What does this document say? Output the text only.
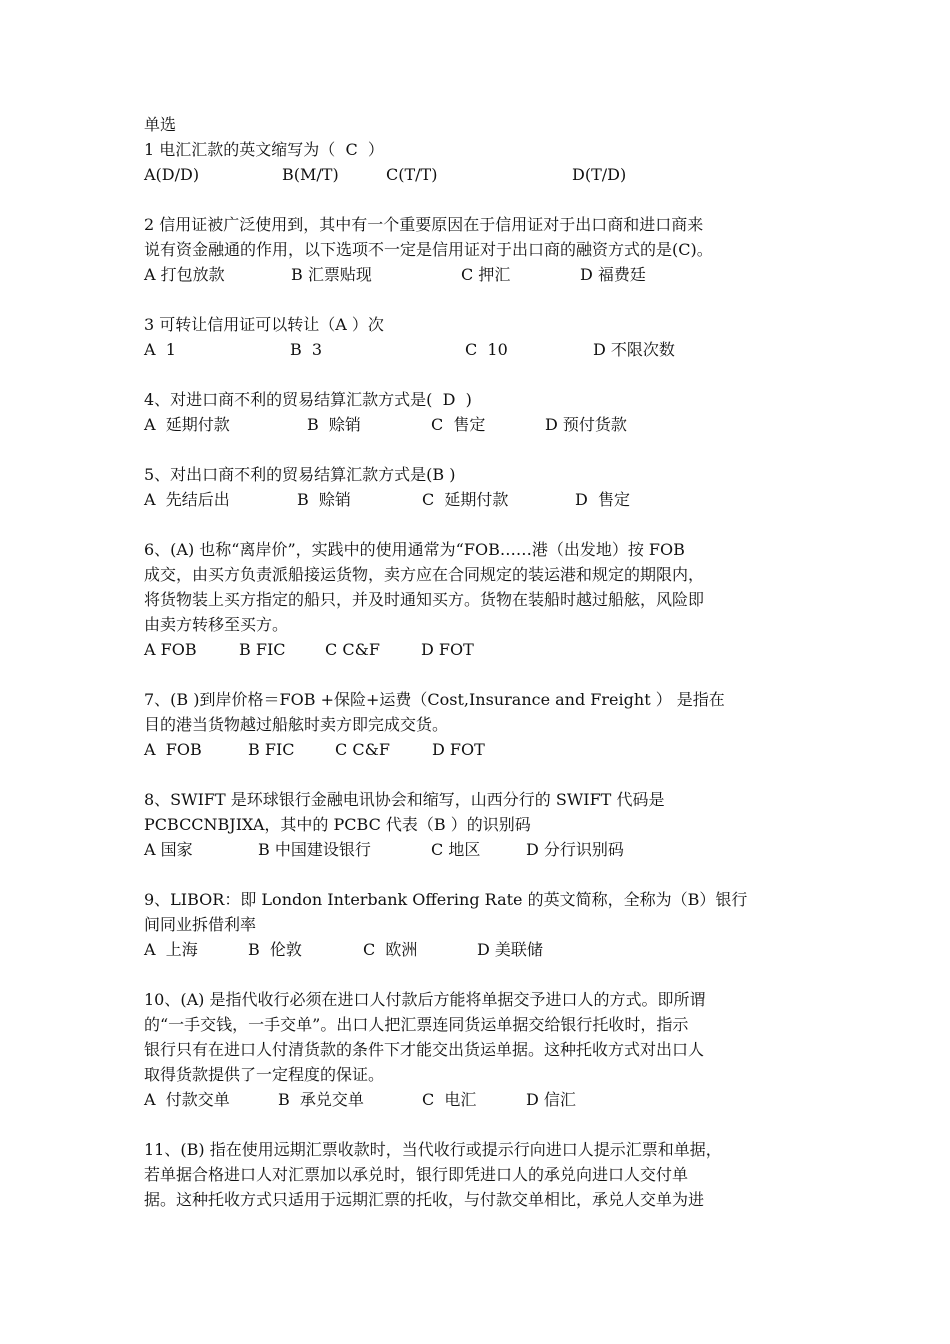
单选
1 电汇汇款的英文缩写为（  C  ）
A(D/D)	B(M/T)	C(T/T)	D(T/D)
2 信用证被广泛使用到，其中有一个重要原因在于信用证对于出口商和进口商来
说有资金融通的作用，以下选项不一定是信用证对于出口商的融资方式的是(C)。
A 打包放款	B 汇票贴现	C 押汇	D 福费廷
3 可转让信用证可以转让（A ）次
A  1	B  3	C  10	D 不限次数
4、对进口商不利的贸易结算汇款方式是(  D  )
A  延期付款	B  赊销	C  售定	D 预付货款
5、对出口商不利的贸易结算汇款方式是(B )
A  先结后出	B  赊销	C  延期付款	D  售定
6、(A) 也称“离岸价”，实践中的使用通常为“FOB……港（出发地）按 FOB
成交，由买方负责派船接运货物，卖方应在合同规定的装运港和规定的期限内，
将货物装上买方指定的船只，并及时通知买方。货物在装船时越过船舷，风险即
由卖方转移至买方。
A FOB	B FIC	C C&F	D FOT
7、(B )到岸价格＝FOB +保险+运费（Cost,Insurance and Freight ） 是指在
目的港当货物越过船舷时卖方即完成交货。
A  FOB	B FIC	C C&F	D FOT
8、SWIFT 是环球银行金融电讯协会和缩写，山西分行的 SWIFT 代码是
PCBCCNBJIXA，其中的 PCBC 代表（B ）的识别码
A 国家	B 中国建设银行	C 地区	D 分行识别码
9、LIBOR：即 London Interbank Offering Rate 的英文简称，全称为（B）银行
间同业拆借利率
A  上海	B  伦敦	C  欧洲	D 美联储
10、(A) 是指代收行必须在进口人付款后方能将单据交予进口人的方式。即所谓
的“一手交钱，一手交单”。出口人把汇票连同货运单据交给银行托收时，指示
银行只有在进口人付清货款的条件下才能交出货运单据。这种托收方式对出口人
取得货款提供了一定程度的保证。
A  付款交单	B  承兑交单	C  电汇	D 信汇
11、(B) 指在使用远期汇票收款时，当代收行或提示行向进口人提示汇票和单据，
若单据合格进口人对汇票加以承兑时，银行即凭进口人的承兑向进口人交付单
据。这种托收方式只适用于远期汇票的托收，与付款交单相比，承兑人交单为进
